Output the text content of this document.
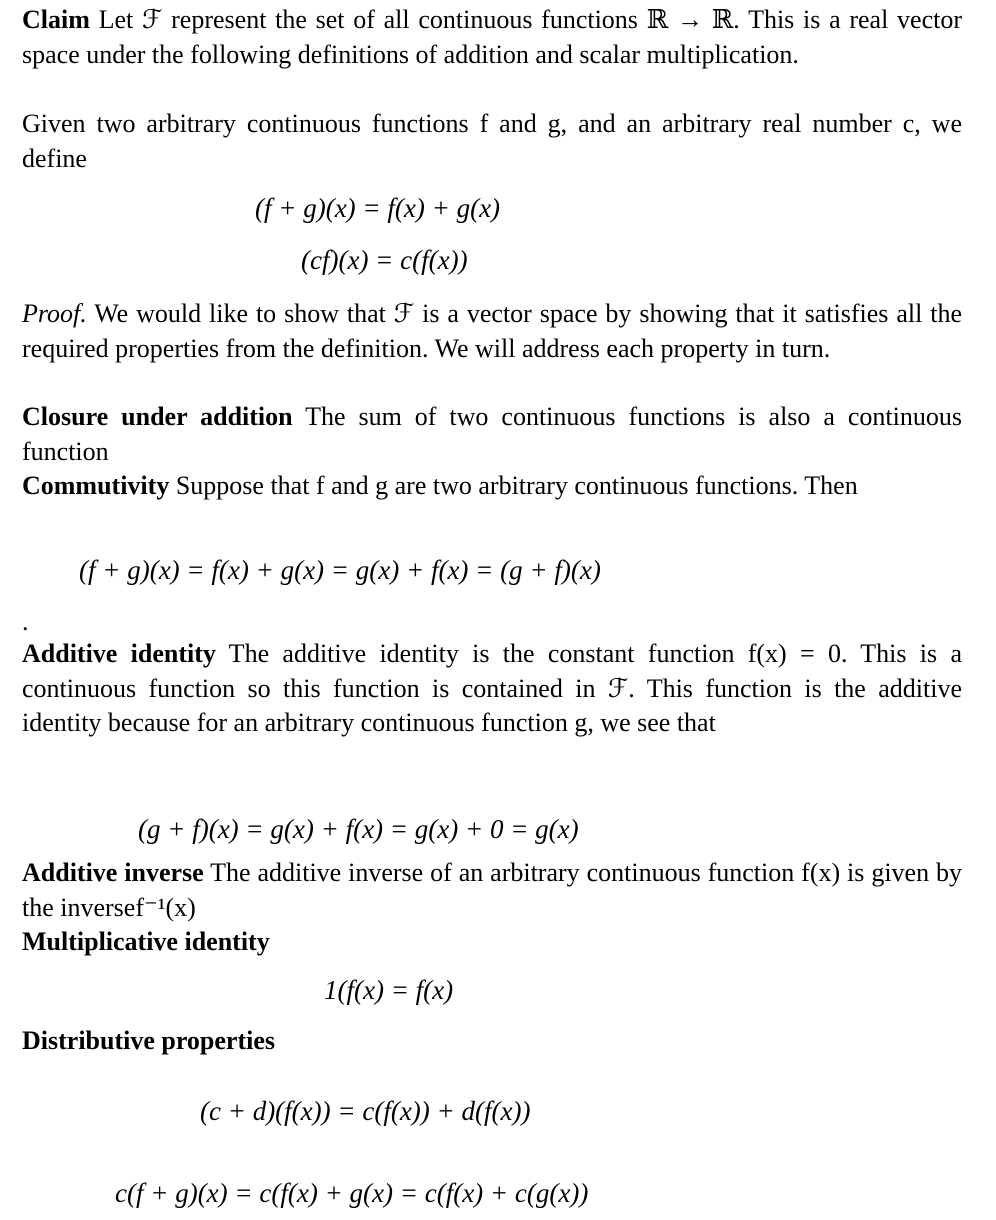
Claim Let ℱ represent the set of all continuous functions ℝ → ℝ. This is a real vector space under the following definitions of addition and scalar multiplication.

Given two arbitrary continuous functions f and g, and an arbitrary real number c, we define

(f + g)(x) = f(x) + g(x)
(cf)(x) = c(f(x))

Proof. We would like to show that ℱ is a vector space by showing that it satisfies all the required properties from the definition. We will address each property in turn.

Closure under addition The sum of two continuous functions is also a continuous function

Commutivity Suppose that f and g are two arbitrary continuous functions. Then

(f + g)(x) = f(x) + g(x) = g(x) + f(x) = (g + f)(x)
.

Additive identity The additive identity is the constant function f(x) = 0. This is a continuous function so this function is contained in ℱ. This function is the additive identity because for an arbitrary continuous function g, we see that

(g + f)(x) = g(x) + f(x) = g(x) + 0 = g(x)

Additive inverse The additive inverse of an arbitrary continuous function f(x) is given by the inversef⁻¹(x)

Multiplicative identity

1(f(x) = f(x)

Distributive properties

(c + d)(f(x)) = c(f(x)) + d(f(x))
c(f + g)(x) = c(f(x) + g(x) = c(f(x) + c(g(x))
